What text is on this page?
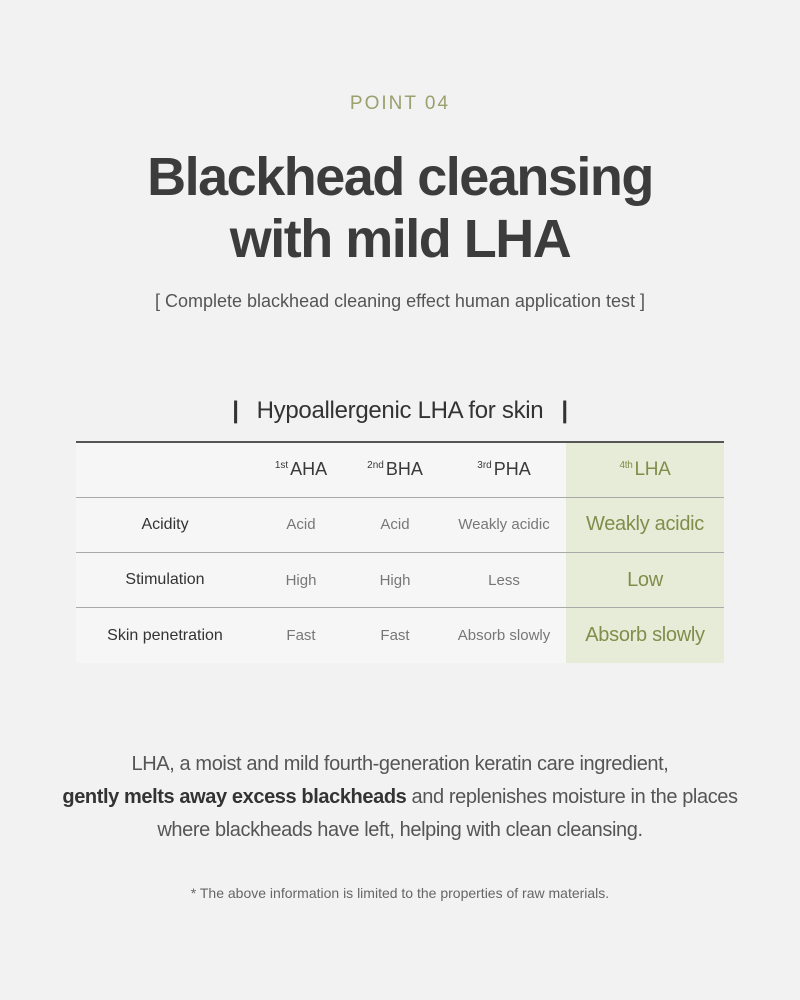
POINT 04
Blackhead cleansing
with mild LHA
[ Complete blackhead cleaning effect human application test ]
| Hypoallergenic LHA for skin |
	$^{1st}$ AHA	$^{2nd}$ BHA	$^{3rd}$ PHA	$^{4th}$ LHA
Acidity	Acid	Acid	Weakly acidic	Weakly acidic
Stimulation	High	High	Less	Low
Skin penetration	Fast	Fast	Absorb slowly	Absorb slowly
LHA, a moist and mild fourth-generation keratin care ingredient,
gently melts away excess blackheads and replenishes moisture in the places
where blackheads have left, helping with clean cleansing.
* The above information is limited to the properties of raw materials.
